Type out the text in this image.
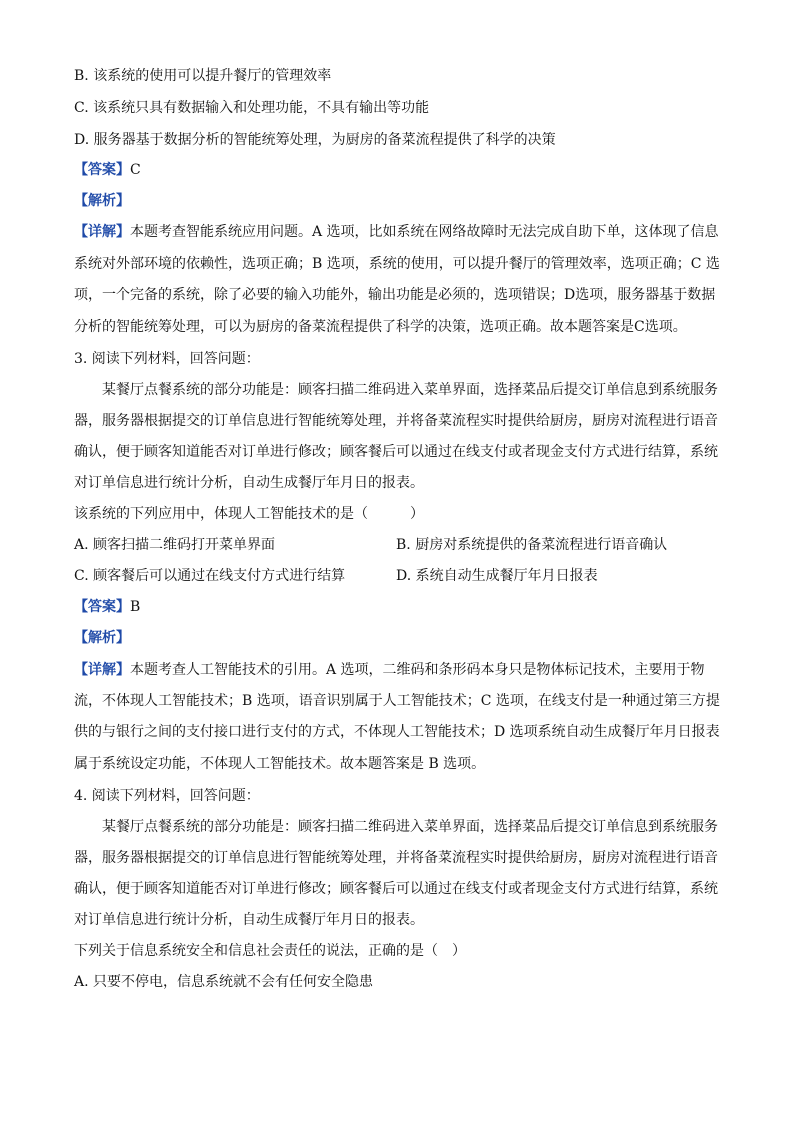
B. 该系统的使用可以提升餐厅的管理效率
C. 该系统只具有数据输入和处理功能，不具有输出等功能
D. 服务器基于数据分析的智能统筹处理，为厨房的备菜流程提供了科学的决策
【答案】C
【解析】
【详解】本题考查智能系统应用问题。A 选项，比如系统在网络故障时无法完成自助下单，这体现了信息
系统对外部环境的依赖性，选项正确；B 选项，系统的使用，可以提升餐厅的管理效率，选项正确；C 选
项，一个完备的系统，除了必要的输入功能外，输出功能是必须的，选项错误；D选项，服务器基于数据
分析的智能统筹处理，可以为厨房的备菜流程提供了科学的决策，选项正确。故本题答案是C选项。
3. 阅读下列材料，回答问题：
某餐厅点餐系统的部分功能是：顾客扫描二维码进入菜单界面，选择菜品后提交订单信息到系统服务
器，服务器根据提交的订单信息进行智能统筹处理，并将备菜流程实时提供给厨房，厨房对流程进行语音
确认，便于顾客知道能否对订单进行修改；顾客餐后可以通过在线支付或者现金支付方式进行结算，系统
对订单信息进行统计分析，自动生成餐厅年月日的报表。
该系统的下列应用中，体现人工智能技术的是（　　　）
A. 顾客扫描二维码打开菜单界面	B. 厨房对系统提供的备菜流程进行语音确认
C. 顾客餐后可以通过在线支付方式进行结算	D. 系统自动生成餐厅年月日报表
【答案】B
【解析】
【详解】本题考查人工智能技术的引用。A 选项，二维码和条形码本身只是物体标记技术，主要用于物
流，不体现人工智能技术；B 选项，语音识别属于人工智能技术；C 选项，在线支付是一种通过第三方提
供的与银行之间的支付接口进行支付的方式，不体现人工智能技术；D 选项系统自动生成餐厅年月日报表
属于系统设定功能，不体现人工智能技术。故本题答案是 B 选项。
4. 阅读下列材料，回答问题：
某餐厅点餐系统的部分功能是：顾客扫描二维码进入菜单界面，选择菜品后提交订单信息到系统服务
器，服务器根据提交的订单信息进行智能统筹处理，并将备菜流程实时提供给厨房，厨房对流程进行语音
确认，便于顾客知道能否对订单进行修改；顾客餐后可以通过在线支付或者现金支付方式进行结算，系统
对订单信息进行统计分析，自动生成餐厅年月日的报表。
下列关于信息系统安全和信息社会责任的说法，正确的是（　）
A. 只要不停电，信息系统就不会有任何安全隐患
